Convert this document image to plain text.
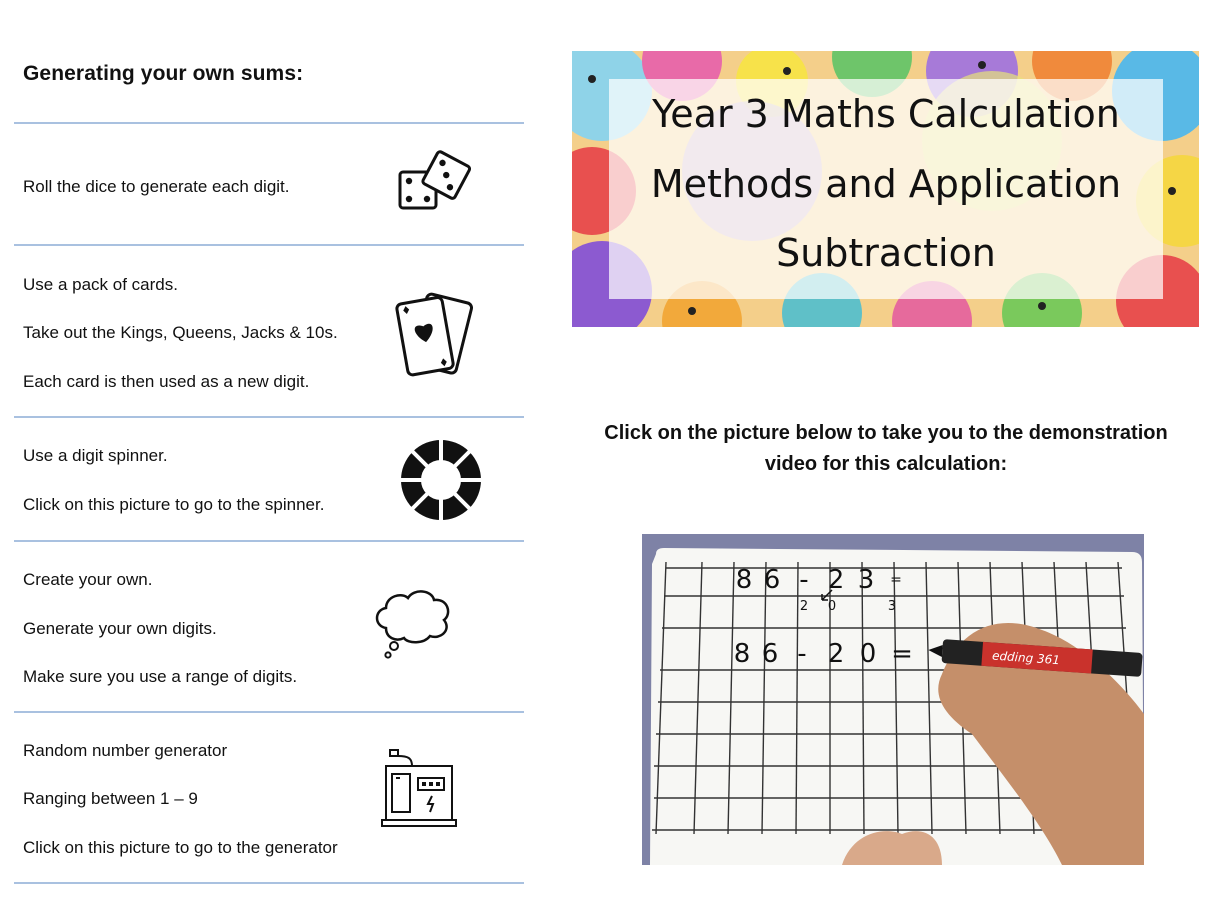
Generating your own sums:
Roll the dice to generate each digit.
Use a pack of cards.
Take out the Kings, Queens, Jacks & 10s.
Each card is then used as a new digit.
Use a digit spinner.
Click on this picture to go to the spinner.
Create your own.
Generate your own digits.
Make sure you use a range of digits.
Random number generator
Ranging between 1 – 9
Click on this picture to go to the generator
Year 3 Maths Calculation
Methods and Application
Subtraction
Click on the picture below to take you to the demonstration
video for this calculation:
8 6 - 2 3 =
8 6 - 2 0 =
2 0	3
edding 361
